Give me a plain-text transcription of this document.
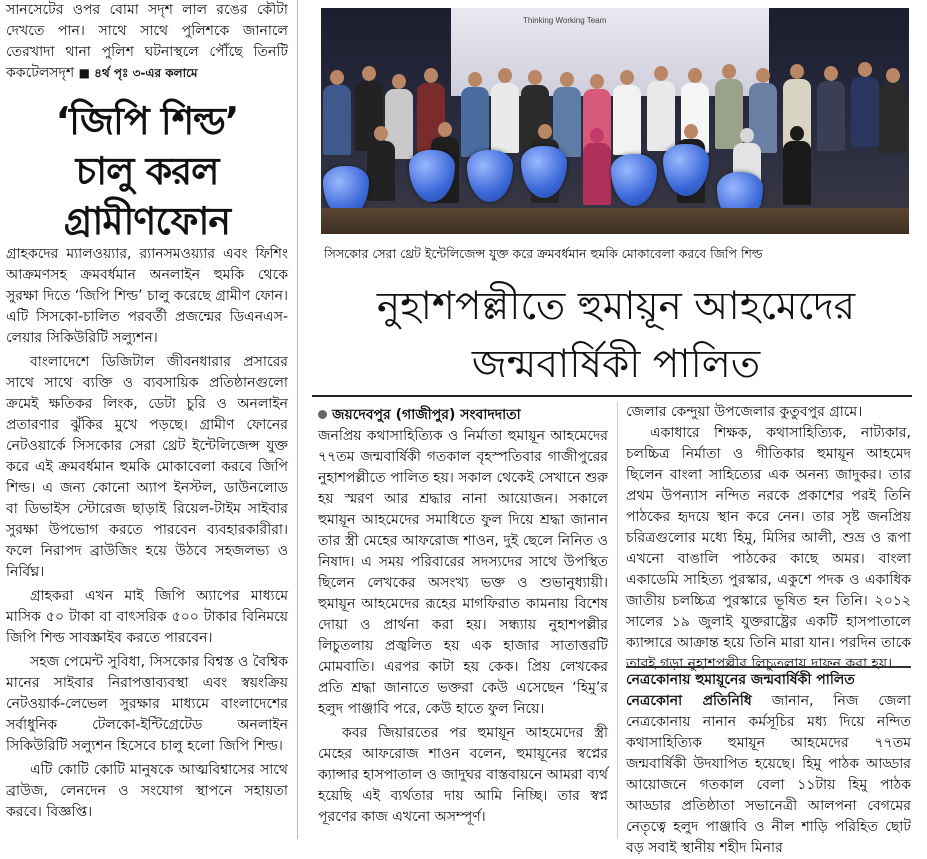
সানসেটের ওপর বোমা সদৃশ লাল রঙের কৌটা দেখতে পান। সাথে সাথে পুলিশকে জানালে তেরখাদা থানা পুলিশ ঘটনাস্থলে পৌঁছে তিনটি ককটেলসদৃশ ■ ৪র্থ পৃঃ ৩-এর কলামে

‘জিপি শিল্ড’
চালু করল
গ্রামীণফোন

গ্রাহকদের ম্যালওয়্যার, র‍্যানসমওয়্যার এবং ফিশিং আক্রমণসহ ক্রমবর্ধমান অনলাইন হুমকি থেকে সুরক্ষা দিতে ‘জিপি শিল্ড’ চালু করেছে গ্রামীণ ফোন। এটি সিসকো-চালিত পরবর্তী প্রজন্মের ডিএনএস-লেয়ার সিকিউরিটি সল্যুশন।

বাংলাদেশে ডিজিটাল জীবনধারার প্রসারের সাথে সাথে ব্যক্তি ও ব্যবসায়িক প্রতিষ্ঠানগুলো ক্রমেই ক্ষতিকর লিংক, ডেটা চুরি ও অনলাইন প্রতারণার ঝুঁকির মুখে পড়ছে। গ্রামীণ ফোনের নেটওয়ার্কে সিসকোর সেরা থ্রেট ইন্টেলিজেন্স যুক্ত করে এই ক্রমবর্ধমান হুমকি মোকাবেলা করবে জিপি শিল্ড। এ জন্য কোনো অ্যাপ ইনস্টল, ডাউনলোড বা ডিভাইস স্টোরেজ ছাড়াই রিয়েল-টাইম সাইবার সুরক্ষা উপভোগ করতে পারবেন ব্যবহারকারীরা। ফলে নিরাপদ ব্রাউজিং হয়ে উঠবে সহজলভ্য ও নির্বিঘ্ন।

গ্রাহকরা এখন মাই জিপি অ্যাপের মাধ্যমে মাসিক ৫০ টাকা বা বাৎসরিক ৫০০ টাকার বিনিময়ে জিপি শিল্ড সাবস্ক্রাইব করতে পারবেন।

সহজ পেমেন্ট সুবিধা, সিসকোর বিশ্বস্ত ও বৈশ্বিক মানের সাইবার নিরাপত্তাব্যবস্থা এবং স্বয়ংক্রিয় নেটওয়ার্ক-লেভেল সুরক্ষার মাধ্যমে বাংলাদেশের সর্বাধুনিক টেলকো-ইন্টিগ্রেটেড অনলাইন সিকিউরিটি সল্যুশন হিসেবে চালু হলো জিপি শিল্ড।

এটি কোটি কোটি মানুষকে আত্মবিশ্বাসের সাথে ব্রাউজ, লেনদেন ও সংযোগ স্থাপনে সহায়তা করবে। বিজ্ঞপ্তি।

Thinking Working Team
সিসকোর সেরা থ্রেট ইন্টেলিজেন্স যুক্ত করে ক্রমবর্ধমান হুমকি মোকাবেলা করবে জিপি শিল্ড
নুহাশপল্লীতে হুমায়ূন আহমেদের জন্মবার্ষিকী পালিত

জয়দেবপুর (গাজীপুর) সংবাদদাতা

জনপ্রিয় কথাসাহিত্যিক ও নির্মাতা হুমায়ূন আহমেদের ৭৭তম জন্মবার্ষিকী গতকাল বৃহস্পতিবার গাজীপুরের নুহাশপল্লীতে পালিত হয়। সকাল থেকেই সেখানে শুরু হয় স্মরণ আর শ্রদ্ধার নানা আয়োজন। সকালে হুমায়ূন আহমেদের সমাধিতে ফুল দিয়ে শ্রদ্ধা জানান তার স্ত্রী মেহের আফরোজ শাওন, দুই ছেলে নিনিত ও নিষাদ। এ সময় পরিবারের সদস্যদের সাথে উপস্থিত ছিলেন লেখকের অসংখ্য ভক্ত ও শুভানুধ্যায়ী। হুমায়ূন আহমেদের রূহের মাগফিরাত কামনায় বিশেষ দোয়া ও প্রার্থনা করা হয়। সন্ধ্যায় নুহাশপল্লীর লিচুতলায় প্রজ্বলিত হয় এক হাজার সাতাত্তরটি মোমবাতি। এরপর কাটা হয় কেক। প্রিয় লেখকের প্রতি শ্রদ্ধা জানাতে ভক্তরা কেউ এসেছেন ‘হিমু’র হলুদ পাঞ্জাবি পরে, কেউ হাতে ফুল নিয়ে।

কবর জিয়ারতের পর হুমায়ূন আহমেদের স্ত্রী মেহের আফরোজ শাওন বলেন, হুমায়ূনের স্বপ্নের ক্যান্সার হাসপাতাল ও জাদুঘর বাস্তবায়নে আমরা ব্যর্থ হয়েছি এই ব্যর্থতার দায় আমি নিচ্ছি। তার স্বপ্ন পূরণের কাজ এখনো অসম্পূর্ণ।

জেলার কেন্দুয়া উপজেলার কুতুবপুর গ্রামে।

একাধারে শিক্ষক, কথাসাহিত্যিক, নাট্যকার, চলচ্চিত্র নির্মাতা ও গীতিকার হুমায়ূন আহমেদ ছিলেন বাংলা সাহিত্যের এক অনন্য জাদুকর। তার প্রথম উপন্যাস নন্দিত নরকে প্রকাশের পরই তিনি পাঠকের হৃদয়ে স্থান করে নেন। তার সৃষ্ট জনপ্রিয় চরিত্রগুলোর মধ্যে হিমু, মিসির আলী, শুভ্র ও রূপা এখনো বাঙালি পাঠকের কাছে অমর। বাংলা একাডেমি সাহিত্য পুরস্কার, একুশে পদক ও একাধিক জাতীয় চলচ্চিত্র পুরস্কারে ভূষিত হন তিনি। ২০১২ সালের ১৯ জুলাই যুক্তরাষ্ট্রের একটি হাসপাতালে ক্যান্সারে আক্রান্ত হয়ে তিনি মারা যান। পরদিন তাকে তারই গড়া নুহাশপল্লীর লিচুতলায় দাফন করা হয়।

নেত্রকোনায় হুমায়ূনের জন্মবার্ষিকী পালিত

নেত্রকোনা প্রতিনিধি জানান, নিজ জেলা নেত্রকোনায় নানান কর্মসূচির মধ্য দিয়ে নন্দিত কথাসাহিত্যিক হুমায়ূন আহমেদের ৭৭তম জন্মবার্ষিকী উদযাপিত হয়েছে। হিমু পাঠক আড্ডার আয়োজনে গতকাল বেলা ১১টায় হিমু পাঠক আড্ডার প্রতিষ্ঠাতা সভানেত্রী আলপনা বেগমের নেতৃত্বে হলুদ পাঞ্জাবি ও নীল শাড়ি পরিহিত ছোট বড় সবাই স্থানীয় শহীদ মিনার
